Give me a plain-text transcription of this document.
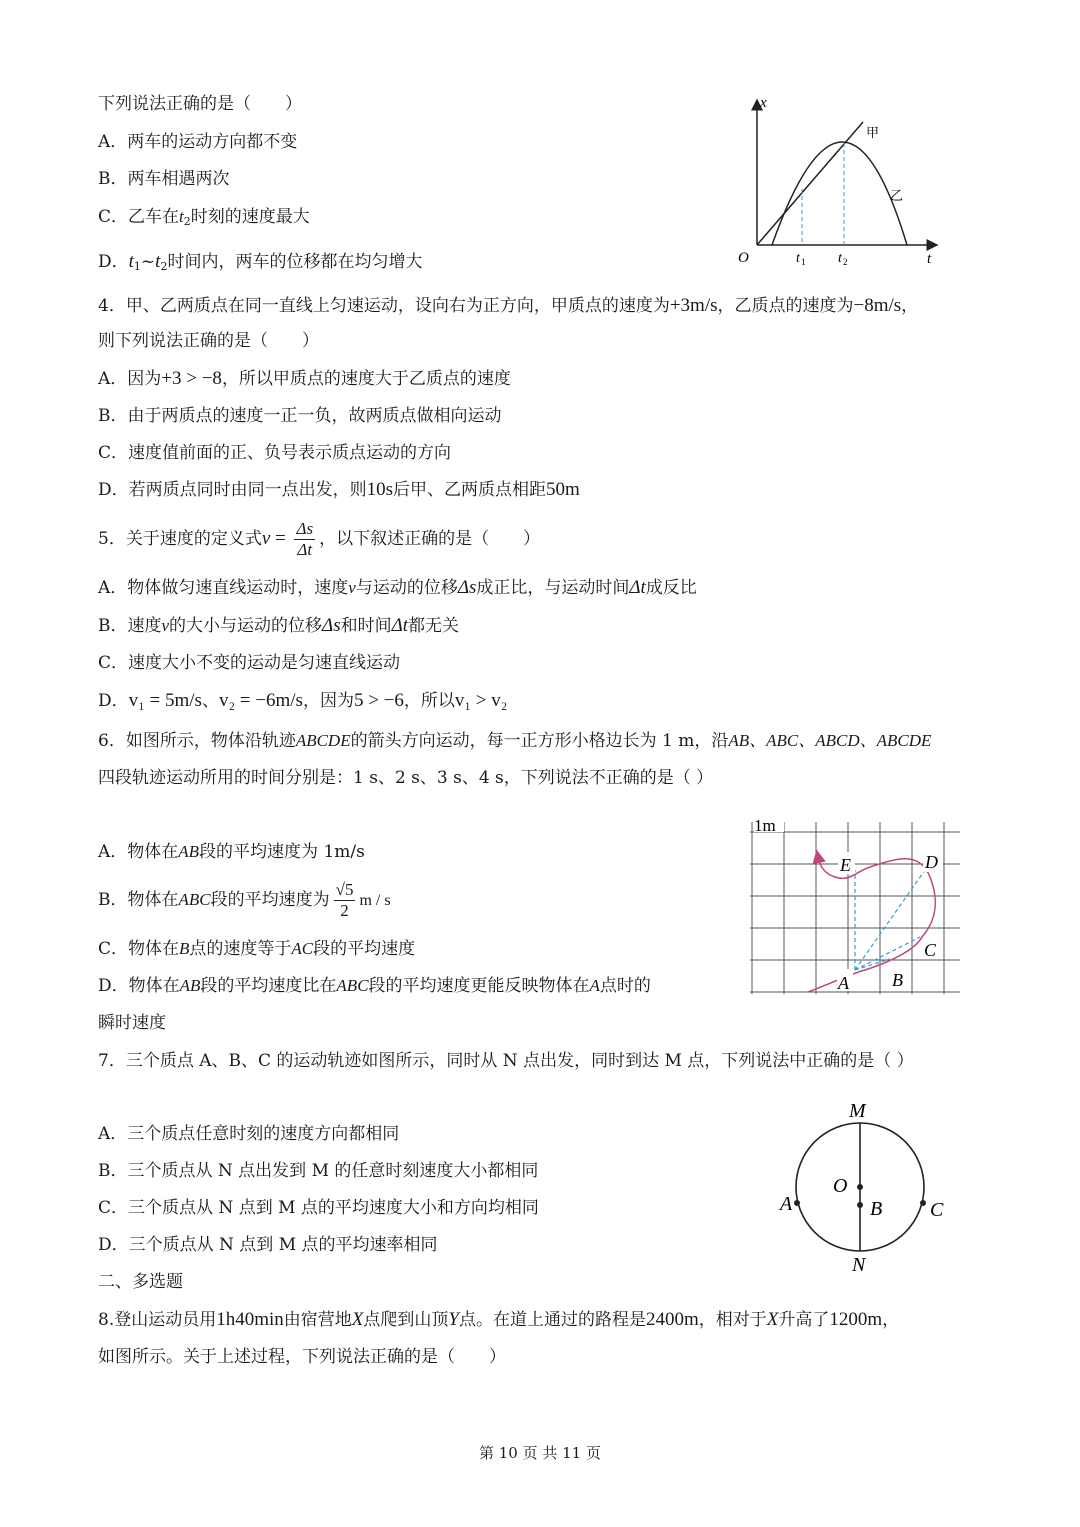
下列说法正确的是（　　）
A．两车的运动方向都不变
B．两车相遇两次
C．乙车在$t_2$时刻的速度最大
D．$t_1\sim t_2$时间内，两车的位移都在均匀增大
x
t
O	t 1 t 2
甲
乙
4．甲、乙两质点在同一直线上匀速运动，设向右为正方向，甲质点的速度为+3m/s，乙质点的速度为−8m/s，
则下列说法正确的是（　　）
A．因为+3 > −8，所以甲质点的速度大于乙质点的速度
B．由于两质点的速度一正一负，故两质点做相向运动
C．速度值前面的正、负号表示质点运动的方向
D．若两质点同时由同一点出发，则10s后甲、乙两质点相距50m
5．关于速度的定义式$v = \frac{\Delta s}{\Delta t}$ ，以下叙述正确的是（　　）
A．物体做匀速直线运动时，速度v与运动的位移Δs成正比，与运动时间Δt成反比
B．速度v的大小与运动的位移Δs和时间Δt都无关
C．速度大小不变的运动是匀速直线运动
D．v₁ = 5m/s、v₂ = −6m/s，因为5 > −6，所以v₁ > v₂
6．如图所示，物体沿轨迹ABCDE的箭头方向运动，每一正方形小格边长为 1 m，沿AB、ABC、ABCD、ABCDE
四段轨迹运动所用的时间分别是：1 s、2 s、3 s、4 s，下列说法不正确的是（ ）
A．物体在AB段的平均速度为 1m/s
B．物体在ABC段的平均速度为 $\frac{√5}{2}$ m / s
C．物体在B点的速度等于AC段的平均速度
D．物体在AB段的平均速度比在ABC段的平均速度更能反映物体在A点时的
瞬时速度
1m
A B
C
D
E
7．三个质点 A、B、C 的运动轨迹如图所示，同时从 N 点出发，同时到达 M 点，下列说法中正确的是（ ）
A．三个质点任意时刻的速度方向都相同
B．三个质点从 N 点出发到 M 的任意时刻速度大小都相同
C．三个质点从 N 点到 M 点的平均速度大小和方向均相同
D．三个质点从 N 点到 M 点的平均速率相同
M
N
O
B
A	C
二、多选题
8.登山运动员用1h40min由宿营地X点爬到山顶Y点。在道上通过的路程是2400m，相对于X升高了1200m，
如图所示。关于上述过程，下列说法正确的是（　　）
第 10 页 共 11 页
